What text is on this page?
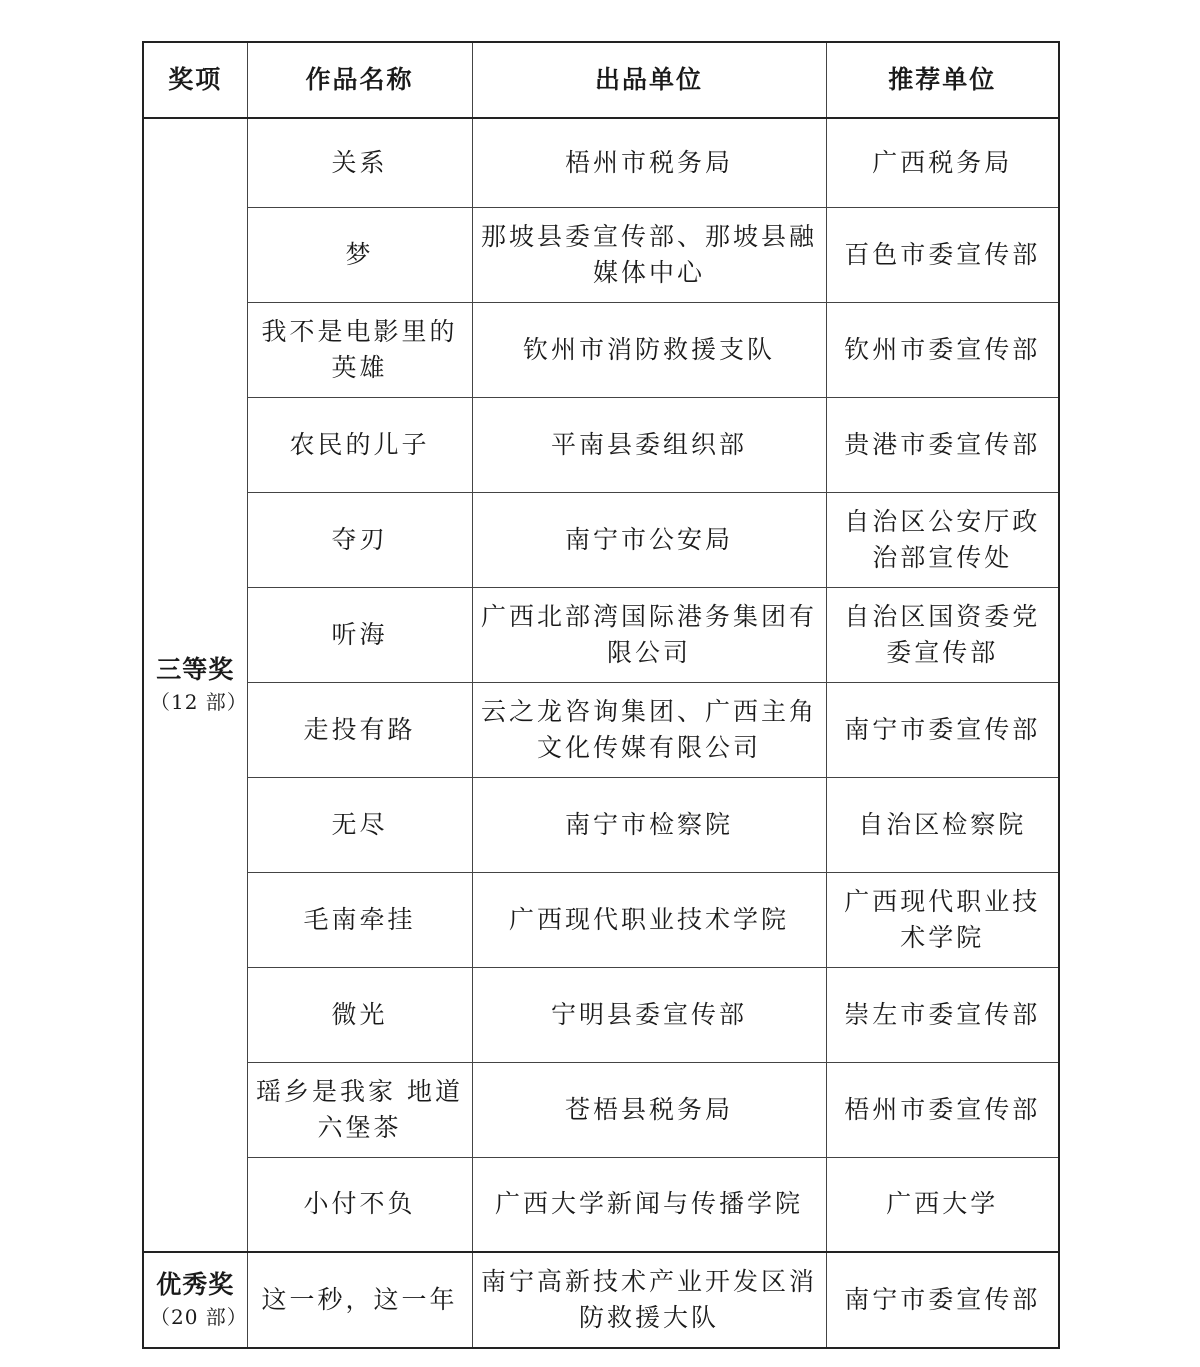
奖项	作品名称	出品单位	推荐单位

三等奖
（12 部）	关系	梧州市税务局	广西税务局
	梦	那坡县委宣传部、那坡县融媒体中心	百色市委宣传部
	我不是电影里的英雄	钦州市消防救援支队	钦州市委宣传部
	农民的儿子	平南县委组织部	贵港市委宣传部
	夺刃	南宁市公安局	自治区公安厅政治部宣传处
	听海	广西北部湾国际港务集团有限公司	自治区国资委党委宣传部
	走投有路	云之龙咨询集团、广西主角文化传媒有限公司	南宁市委宣传部
	无尽	南宁市检察院	自治区检察院
	毛南牵挂	广西现代职业技术学院	广西现代职业技术学院
	微光	宁明县委宣传部	崇左市委宣传部
	瑶乡是我家 地道六堡茶	苍梧县税务局	梧州市委宣传部
	小付不负	广西大学新闻与传播学院	广西大学

优秀奖
（20 部）	这一秒，这一年	南宁高新技术产业开发区消防救援大队	南宁市委宣传部
